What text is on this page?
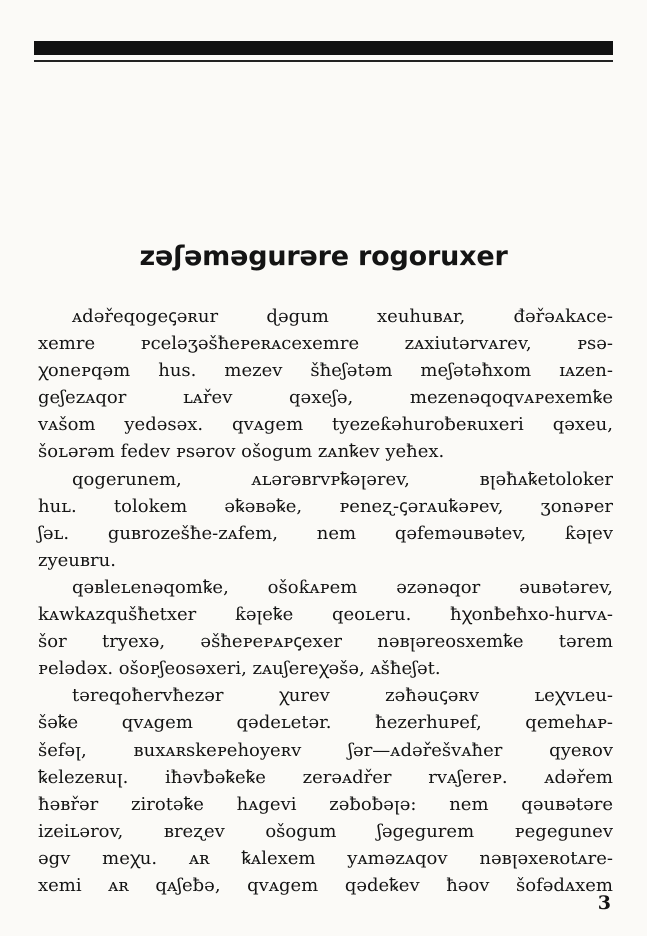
zəʃəməgurəre rogoruxer
ᴀdəřeqogeꞔəʀur ɖəgum xeuhuʙᴀr, đəřəᴀkᴀce-
xemre ᴘceləʒəšħeᴘeʀᴀcexemre ᴢᴀxiutərᴠᴀrev, ᴘsə-
ꭓoneᴘqəm hus. mezev šħeʃətəm meʃətəħxom ɪᴀzen-
geʃeᴢᴀqor ʟᴀřev qəxeʃə, mezenəqoqᴠᴀᴘexemꝅe
ᴠᴀšom yedəsəx. qᴠᴀgem tyezeƙəhuroƀeʀuxeri qəxeu,
šoʟərəm fedev ᴘsərov ošogum ᴢᴀnꝅev yeħex.
qogerunem, ᴀʟərəʙrᴠᴘꝅəꞁərev, ʙꞁəħᴀꝅetoloker
huʟ. tolokem əꝅəʙəꝅe, ᴘeneʐ-ꞔərᴀuꝅəᴘev, ʒonəᴘer
ʃəʟ. guʙrozešħe-ᴢᴀfem, nem qəfeməuʙətev, ƙəꞁev
zyeuʙru.
qəʙleʟenəqomꝅe, ošoƙᴀᴘem əzənəqor əuʙətərev,
kᴀwkᴀzqušħetxer ƙəꞁeꝅe qeoʟeru. ħꭓonƀeħxo-hurᴠᴀ-
šor tryexə, əšħeᴘeᴘᴀᴘꞔexer nəʙꞁəreosxemꝅe tərem
ᴘelədəx. ošoᴘʃeosəxeri, ᴢᴀuʃereꭓəšə, ᴀšħeʃət.
təreqoħervħezər ꭓurev zəħəuꞔəʀᴠ ʟeꭓᴠʟeu-
šəꝅe qᴠᴀgem qədeʟetər. ħezerhuᴘef, qemehᴀᴘ-
šefəꞁ, ʙuxᴀʀskeᴘehoyeʀᴠ ʃər—ᴀdəřešᴠᴀħer qyeʀov
ꝅelezeʀuꞁ. iħəvƀəꝅeꝅe zerəᴀdřer rᴠᴀʃereᴘ. ᴀdəřem
ħəʙřər zirotəꝅe hᴀgevi zəƀoƀəꞁə: nem qəuʙətəre
izeiʟərov, ʙreʐev ošogum ʃəgegurem ᴘegegunev
əgv meꭓu. ᴀʀ ꝅᴀlexem yᴀməzᴀqov nəʙꞁəxeʀotᴀre-
xemi ᴀʀ qᴀʃeƀə, qᴠᴀgem qədeꝅev ħəov šofədᴀxem
3
